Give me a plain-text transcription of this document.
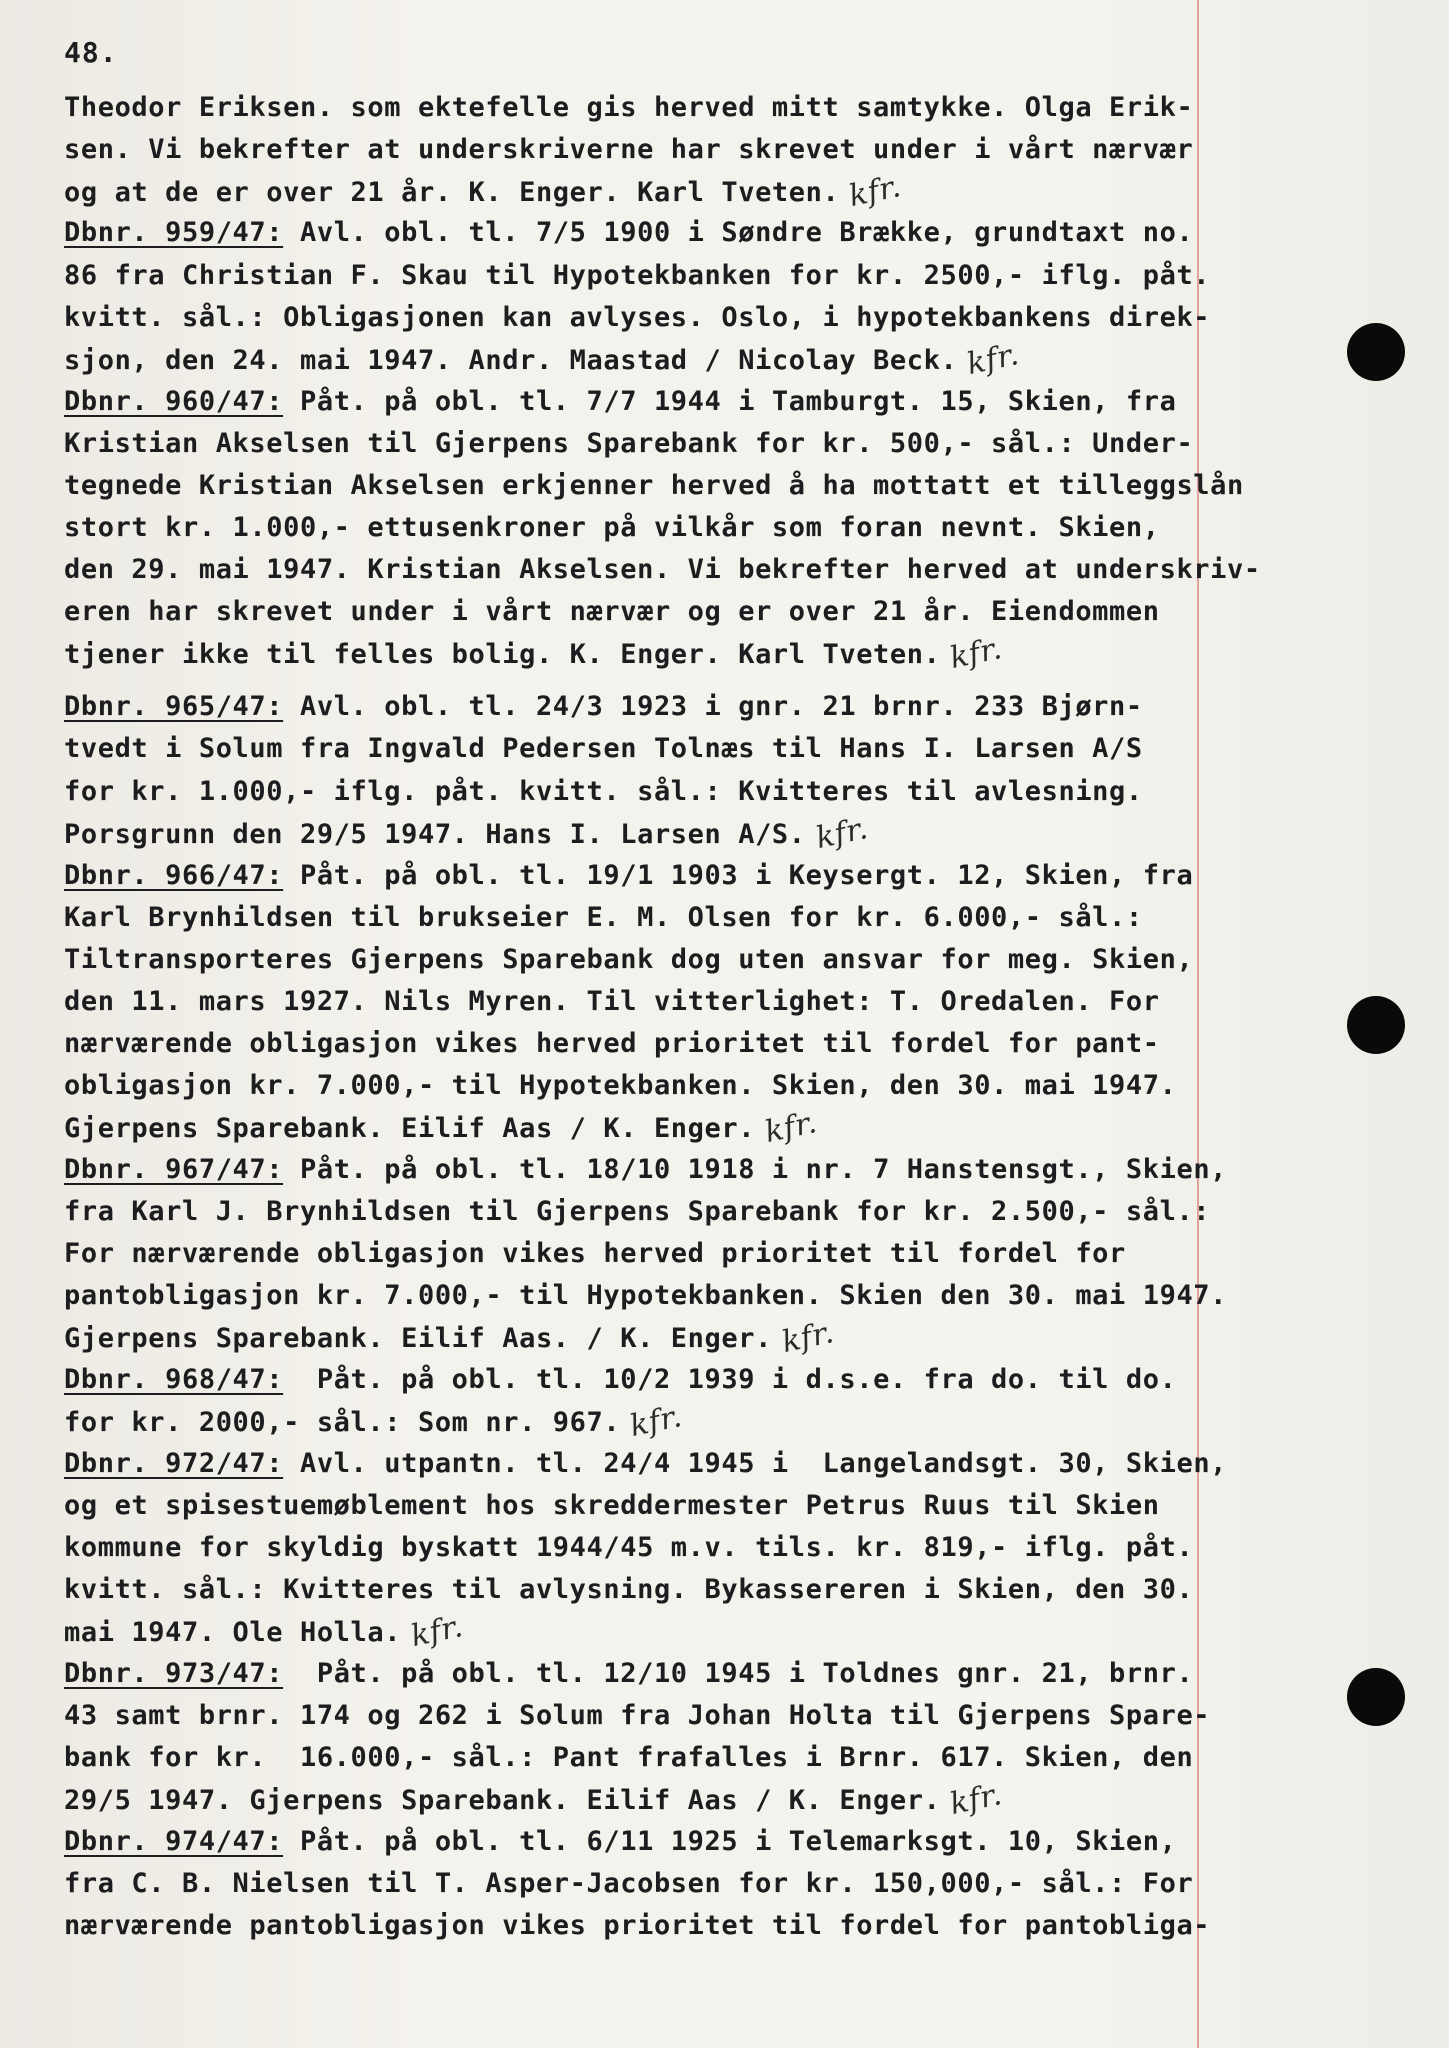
48.
Theodor Eriksen. som ektefelle gis herved mitt samtykke. Olga Erik-
sen. Vi bekrefter at underskriverne har skrevet under i vårt nærvær
og at de er over 21 år. K. Enger. Karl Tveten. kfr.
Dbnr. 959/47: Avl. obl. tl. 7/5 1900 i Søndre Brække, grundtaxt no.
86 fra Christian F. Skau til Hypotekbanken for kr. 2500,- iflg. påt.
kvitt. sål.: Obligasjonen kan avlyses. Oslo, i hypotekbankens direk-
sjon, den 24. mai 1947. Andr. Maastad / Nicolay Beck. kfr.
Dbnr. 960/47: Påt. på obl. tl. 7/7 1944 i Tamburgt. 15, Skien, fra
Kristian Akselsen til Gjerpens Sparebank for kr. 500,- sål.: Under-
tegnede Kristian Akselsen erkjenner herved å ha mottatt et tilleggslån
stort kr. 1.000,- ettusenkroner på vilkår som foran nevnt. Skien,
den 29. mai 1947. Kristian Akselsen. Vi bekrefter herved at underskriv-
eren har skrevet under i vårt nærvær og er over 21 år. Eiendommen
tjener ikke til felles bolig. K. Enger. Karl Tveten. kfr.
Dbnr. 965/47: Avl. obl. tl. 24/3 1923 i gnr. 21 brnr. 233 Bjørn-
tvedt i Solum fra Ingvald Pedersen Tolnæs til Hans I. Larsen A/S
for kr. 1.000,- iflg. påt. kvitt. sål.: Kvitteres til avlesning.
Porsgrunn den 29/5 1947. Hans I. Larsen A/S. kfr.
Dbnr. 966/47: Påt. på obl. tl. 19/1 1903 i Keysergt. 12, Skien, fra
Karl Brynhildsen til brukseier E. M. Olsen for kr. 6.000,- sål.:
Tiltransporteres Gjerpens Sparebank dog uten ansvar for meg. Skien,
den 11. mars 1927. Nils Myren. Til vitterlighet: T. Oredalen. For
nærværende obligasjon vikes herved prioritet til fordel for pant-
obligasjon kr. 7.000,- til Hypotekbanken. Skien, den 30. mai 1947.
Gjerpens Sparebank. Eilif Aas / K. Enger. kfr.
Dbnr. 967/47: Påt. på obl. tl. 18/10 1918 i nr. 7 Hanstensgt., Skien,
fra Karl J. Brynhildsen til Gjerpens Sparebank for kr. 2.500,- sål.:
For nærværende obligasjon vikes herved prioritet til fordel for
pantobligasjon kr. 7.000,- til Hypotekbanken. Skien den 30. mai 1947.
Gjerpens Sparebank. Eilif Aas. / K. Enger. kfr.
Dbnr. 968/47:  Påt. på obl. tl. 10/2 1939 i d.s.e. fra do. til do.
for kr. 2000,- sål.: Som nr. 967. kfr.
Dbnr. 972/47: Avl. utpantn. tl. 24/4 1945 i  Langelandsgt. 30, Skien,
og et spisestuemøblement hos skreddermester Petrus Ruus til Skien
kommune for skyldig byskatt 1944/45 m.v. tils. kr. 819,- iflg. påt.
kvitt. sål.: Kvitteres til avlysning. Bykassereren i Skien, den 30.
mai 1947. Ole Holla. kfr.
Dbnr. 973/47:  Påt. på obl. tl. 12/10 1945 i Toldnes gnr. 21, brnr.
43 samt brnr. 174 og 262 i Solum fra Johan Holta til Gjerpens Spare-
bank for kr.  16.000,- sål.: Pant frafalles i Brnr. 617. Skien, den
29/5 1947. Gjerpens Sparebank. Eilif Aas / K. Enger. kfr.
Dbnr. 974/47: Påt. på obl. tl. 6/11 1925 i Telemarksgt. 10, Skien,
fra C. B. Nielsen til T. Asper-Jacobsen for kr. 150,000,- sål.: For
nærværende pantobligasjon vikes prioritet til fordel for pantobliga-
